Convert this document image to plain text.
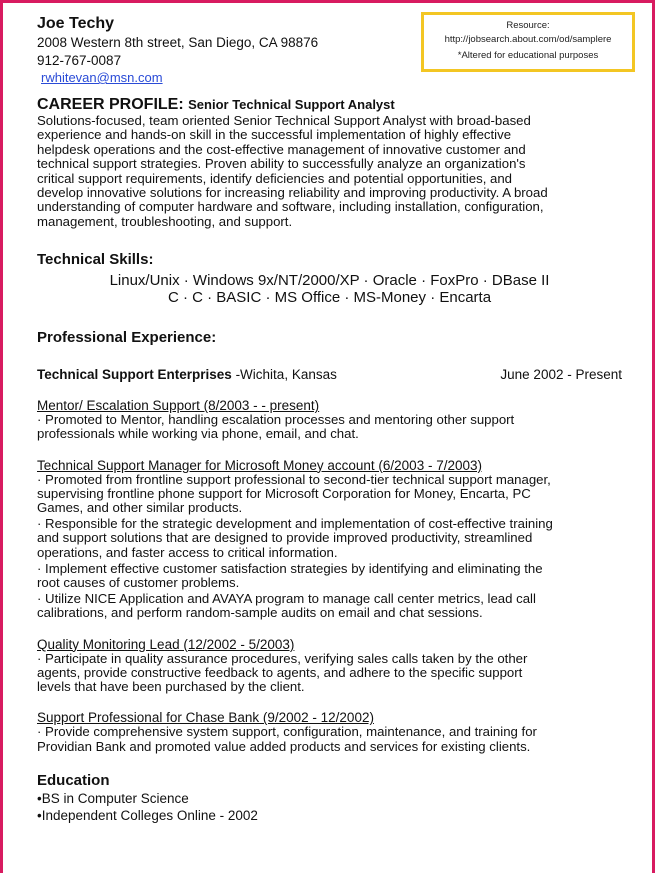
Resource:
http://jobsearch.about.com/od/samplere
*Altered for educational purposes
Joe Techy
2008 Western 8th street, San Diego, CA 98876
912-767-0087
rwhitevan@msn.com
CAREER PROFILE: Senior Technical Support Analyst

Solutions-focused, team oriented Senior Technical Support Analyst with broad-based

experience and hands-on skill in the successful implementation of highly effective

helpdesk operations and the cost-effective management of innovative customer and

technical support strategies. Proven ability to successfully analyze an organization's

critical support requirements, identify deficiencies and potential opportunities, and

develop innovative solutions for increasing reliability and improving productivity. A broad

understanding of computer hardware and software, including installation, configuration,

management, troubleshooting, and support.

Technical Skills:
Linux/Unix · Windows 9x/NT/2000/XP · Oracle · FoxPro · DBase II
C · C · BASIC · MS Office · MS-Money · Encarta
Professional Experience:
Technical Support Enterprises -Wichita, Kansas	June 2002 - Present

Mentor/ Escalation Support (8/2003 - - present)

· Promoted to Mentor, handling escalation processes and mentoring other support

professionals while working via phone, email, and chat.

Technical Support Manager for Microsoft Money account (6/2003 - 7/2003)

· Promoted from frontline support professional to second-tier technical support manager,

supervising frontline phone support for Microsoft Corporation for Money, Encarta, PC

Games, and other similar products.

· Responsible for the strategic development and implementation of cost-effective training

and support solutions that are designed to provide improved productivity, streamlined

operations, and faster access to critical information.

· Implement effective customer satisfaction strategies by identifying and eliminating the

root causes of customer problems.

· Utilize NICE Application and AVAYA program to manage call center metrics, lead call

calibrations, and perform random-sample audits on email and chat sessions.

Quality Monitoring Lead (12/2002 - 5/2003)

· Participate in quality assurance procedures, verifying sales calls taken by the other

agents, provide constructive feedback to agents, and adhere to the specific support

levels that have been purchased by the client.

Support Professional for Chase Bank (9/2002 - 12/2002)

· Provide comprehensive system support, configuration, maintenance, and training for

Providian Bank and promoted value added products and services for existing clients.

Education

•BS in Computer Science

•Independent Colleges Online - 2002
